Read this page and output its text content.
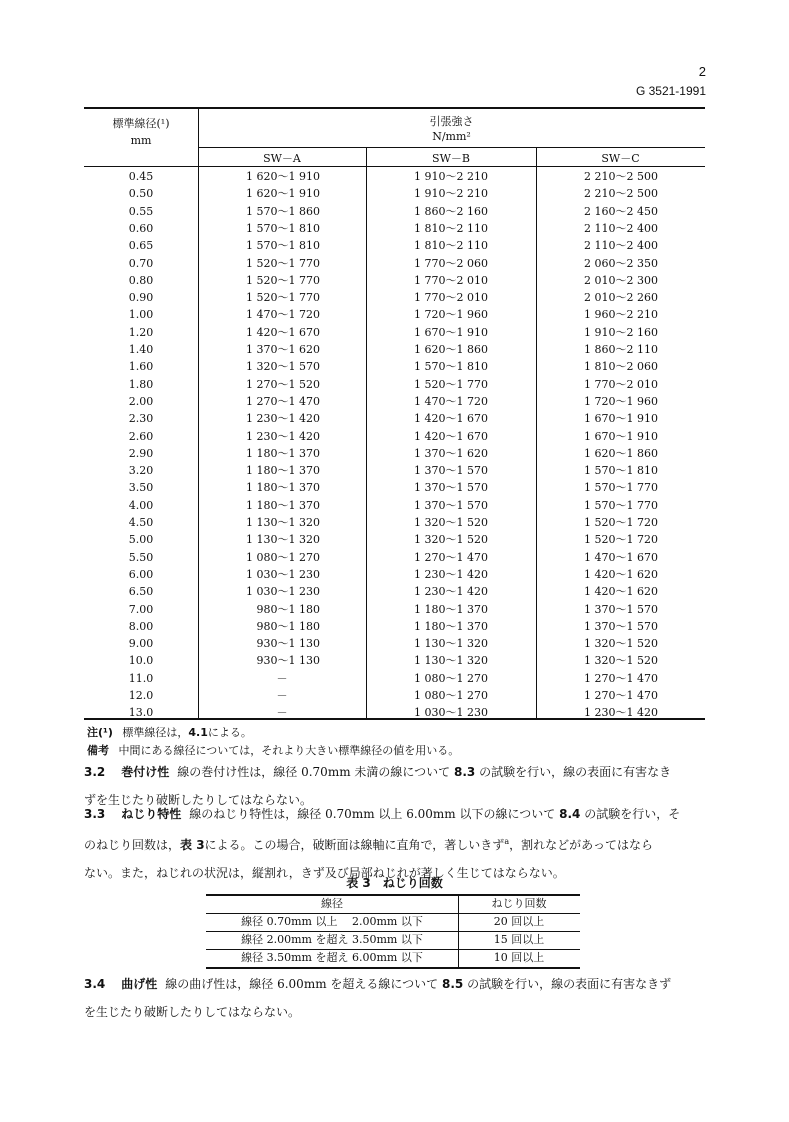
2
G 3521-1991
標準線径(¹)
mm
引張強さ
N/mm²
SW－A	SW－B	SW－C
0.45	1 620～1 910	1 910～2 210	2 210～2 500
0.50	1 620～1 910	1 910～2 210	2 210～2 500
0.55	1 570～1 860	1 860～2 160	2 160～2 450
0.60	1 570～1 810	1 810～2 110	2 110～2 400
0.65	1 570～1 810	1 810～2 110	2 110～2 400
0.70	1 520～1 770	1 770～2 060	2 060～2 350
0.80	1 520～1 770	1 770～2 010	2 010～2 300
0.90	1 520～1 770	1 770～2 010	2 010～2 260
1.00	1 470～1 720	1 720～1 960	1 960～2 210
1.20	1 420～1 670	1 670～1 910	1 910～2 160
1.40	1 370～1 620	1 620～1 860	1 860～2 110
1.60	1 320～1 570	1 570～1 810	1 810～2 060
1.80	1 270～1 520	1 520～1 770	1 770～2 010
2.00	1 270～1 470	1 470～1 720	1 720～1 960
2.30	1 230～1 420	1 420～1 670	1 670～1 910
2.60	1 230～1 420	1 420～1 670	1 670～1 910
2.90	1 180～1 370	1 370～1 620	1 620～1 860
3.20	1 180～1 370	1 370～1 570	1 570～1 810
3.50	1 180～1 370	1 370～1 570	1 570～1 770
4.00	1 180～1 370	1 370～1 570	1 570～1 770
4.50	1 130～1 320	1 320～1 520	1 520～1 720
5.00	1 130～1 320	1 320～1 520	1 520～1 720
5.50	1 080～1 270	1 270～1 470	1 470～1 670
6.00	1 030～1 230	1 230～1 420	1 420～1 620
6.50	1 030～1 230	1 230～1 420	1 420～1 620
7.00	980～1 180	1 180～1 370	1 370～1 570
8.00	980～1 180	1 180～1 370	1 370～1 570
9.00	930～1 130	1 130～1 320	1 320～1 520
10.0	930～1 130	1 130～1 320	1 320～1 520
11.0	－	1 080～1 270	1 270～1 470
12.0	－	1 080～1 270	1 270～1 470
13.0	－	1 030～1 230	1 230～1 420
注(¹) 標準線径は，4.1による。
備考 中間にある線径については，それより大きい標準線径の値を用いる。
3.2 巻付け性 線の巻付け性は，線径 0.70mm 未満の線について 8.3 の試験を行い，線の表面に有害なき
ずを生じたり破断したりしてはならない。
3.3 ねじり特性 線のねじり特性は，線径 0.70mm 以上 6.00mm 以下の線について 8.4 の試験を行い，そ
のねじり回数は，表 3による。この場合，破断面は線軸に直角で，著しいきず$^a$，割れなどがあってはなら
ない。また，ねじれの状況は，縦割れ，きず及び局部ねじれが著しく生じてはならない。
表 3　ねじり回数
線径	ねじり回数
線径 0.70mm 以上　 2.00mm 以下	20 回以上
線径 2.00mm を超え 3.50mm 以下	15 回以上
線径 3.50mm を超え 6.00mm 以下	10 回以上
3.4 曲げ性 線の曲げ性は，線径 6.00mm を超える線について 8.5 の試験を行い，線の表面に有害なきず
を生じたり破断したりしてはならない。
